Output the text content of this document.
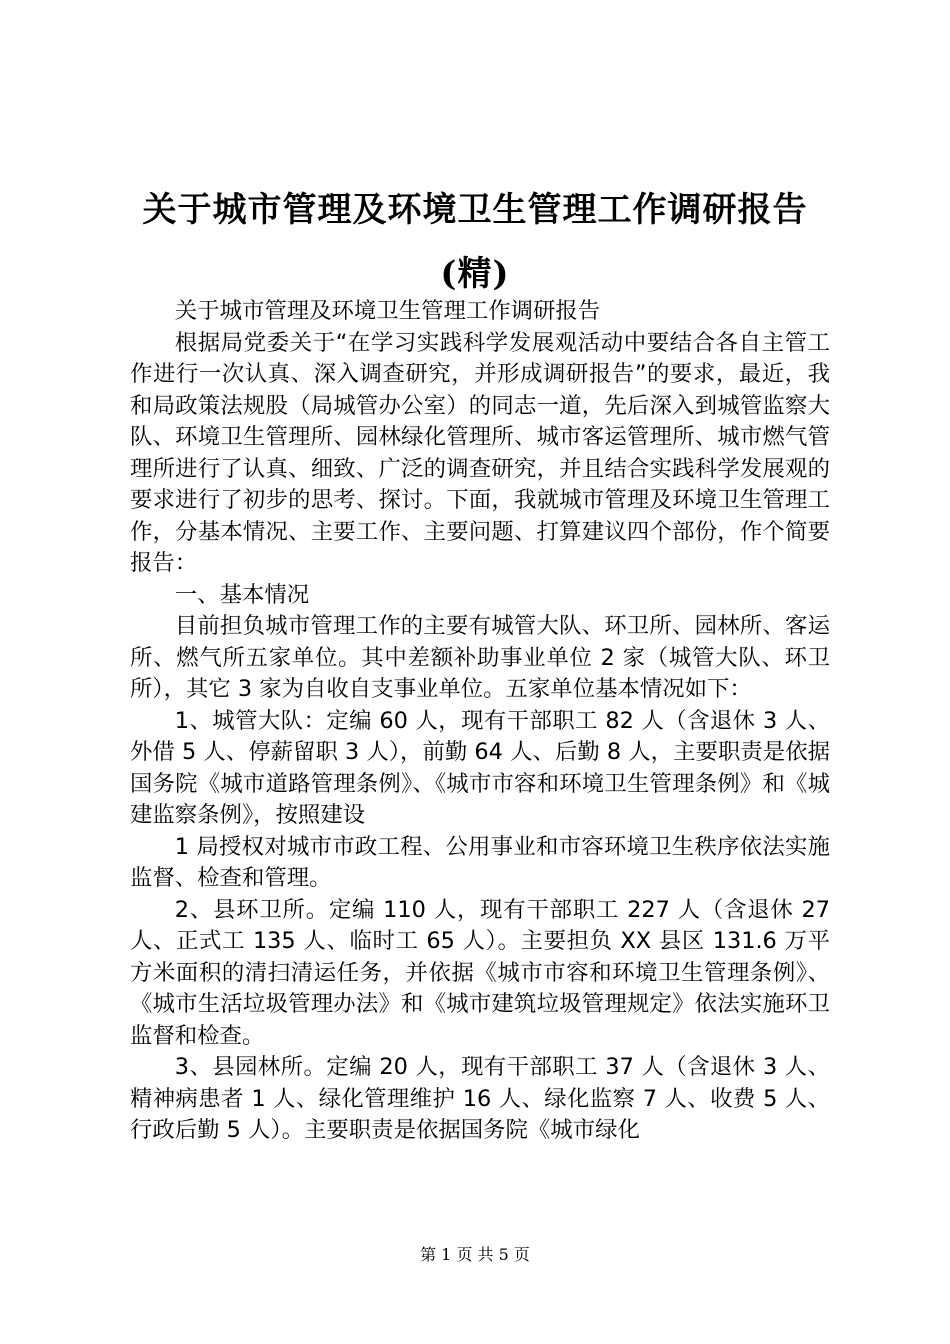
关于城市管理及环境卫生管理工作调研报告
(精)

关于城市管理及环境卫生管理工作调研报告

根据局党委关于“在学习实践科学发展观活动中要结合各自主管工作进行一次认真、深入调查研究，并形成调研报告”的要求，最近，我和局政策法规股（局城管办公室）的同志一道，先后深入到城管监察大队、环境卫生管理所、园林绿化管理所、城市客运管理所、城市燃气管理所进行了认真、细致、广泛的调查研究，并且结合实践科学发展观的要求进行了初步的思考、探讨。下面，我就城市管理及环境卫生管理工作，分基本情况、主要工作、主要问题、打算建议四个部份，作个简要报告：

一、基本情况

目前担负城市管理工作的主要有城管大队、环卫所、园林所、客运所、燃气所五家单位。其中差额补助事业单位 2 家（城管大队、环卫所），其它 3 家为自收自支事业单位。五家单位基本情况如下：

1、城管大队：定编 60 人，现有干部职工 82 人（含退休 3 人、外借 5 人、停薪留职 3 人），前勤 64 人、后勤 8 人，主要职责是依据国务院《城市道路管理条例》、《城市市容和环境卫生管理条例》和《城建监察条例》，按照建设

1 局授权对城市市政工程、公用事业和市容环境卫生秩序依法实施监督、检查和管理。

2、县环卫所。定编 110 人，现有干部职工 227 人（含退休 27 人、正式工 135 人、临时工 65 人）。主要担负 XX 县区 131.6 万平方米面积的清扫清运任务，并依据《城市市容和环境卫生管理条例》、《城市生活垃圾管理办法》和《城市建筑垃圾管理规定》依法实施环卫监督和检查。

3、县园林所。定编 20 人，现有干部职工 37 人（含退休 3 人、精神病患者 1 人、绿化管理维护 16 人、绿化监察 7 人、收费 5 人、行政后勤 5 人）。主要职责是依据国务院《城市绿化

第 1 页 共 5 页
